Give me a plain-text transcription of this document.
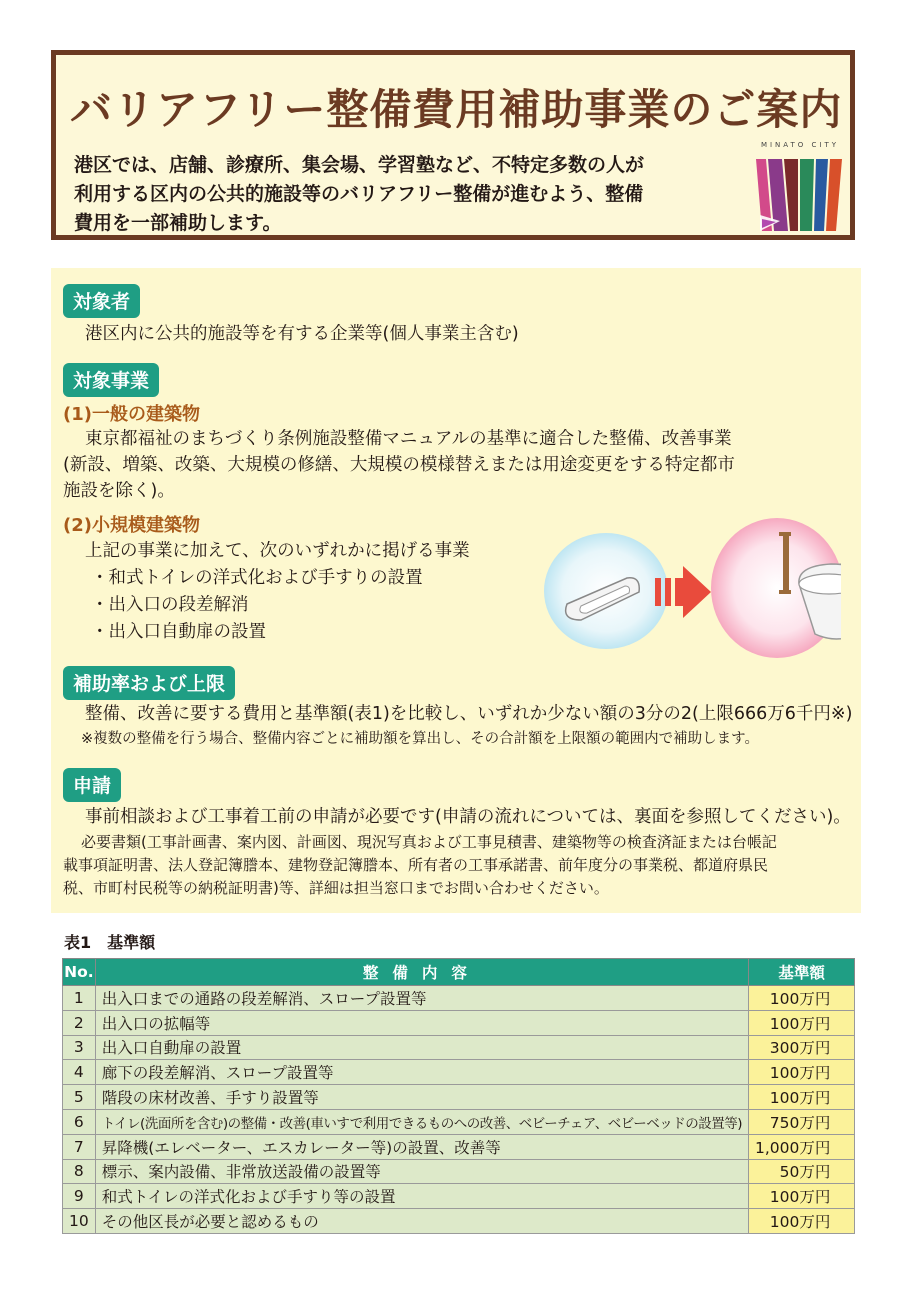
バリアフリー整備費用補助事業のご案内
港区では、店舗、診療所、集会場、学習塾など、不特定多数の人が
利用する区内の公共的施設等のバリアフリー整備が進むよう、整備
費用を一部補助します。
MINATO CITY
対象者
港区内に公共的施設等を有する企業等(個人事業主含む)
対象事業
(1)一般の建築物
東京都福祉のまちづくり条例施設整備マニュアルの基準に適合した整備、改善事業
(新設、増築、改築、大規模の修繕、大規模の模様替えまたは用途変更をする特定都市
施設を除く)。
(2)小規模建築物
上記の事業に加えて、次のいずれかに掲げる事業
・和式トイレの洋式化および手すりの設置
・出入口の段差解消
・出入口自動扉の設置
補助率および上限
整備、改善に要する費用と基準額(表1)を比較し、いずれか少ない額の3分の2(上限666万6千円※)
※複数の整備を行う場合、整備内容ごとに補助額を算出し、その合計額を上限額の範囲内で補助します。
申請
事前相談および工事着工前の申請が必要です(申請の流れについては、裏面を参照してください)。
必要書類(工事計画書、案内図、計画図、現況写真および工事見積書、建築物等の検査済証または台帳記
載事項証明書、法人登記簿謄本、建物登記簿謄本、所有者の工事承諾書、前年度分の事業税、都道府県民
税、市町村民税等の納税証明書)等、詳細は担当窓口までお問い合わせください。
表1　基準額
No.	整備内容	基準額
1	出入口までの通路の段差解消、スロープ設置等	100万円
2	出入口の拡幅等	100万円
3	出入口自動扉の設置	300万円
4	廊下の段差解消、スロープ設置等	100万円
5	階段の床材改善、手すり設置等	100万円
6	トイレ(洗面所を含む)の整備・改善(車いすで利用できるものへの改善、ベビーチェア、ベビーベッドの設置等)	750万円
7	昇降機(エレベーター、エスカレーター等)の設置、改善等	1,000万円
8	標示、案内設備、非常放送設備の設置等	50万円
9	和式トイレの洋式化および手すり等の設置	100万円
10	その他区長が必要と認めるもの	100万円
